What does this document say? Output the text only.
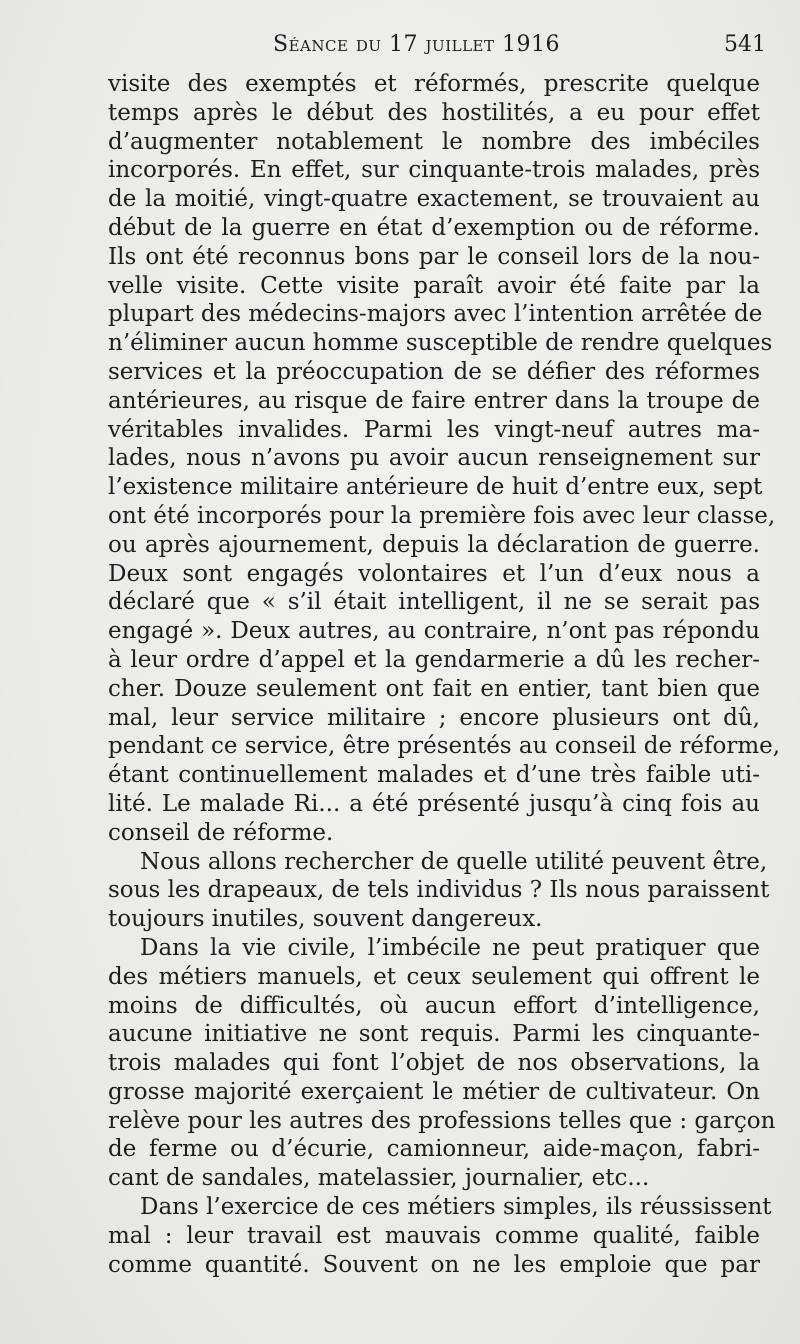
Séance du 17 juillet 1916	541
visite des exemptés et réformés, prescrite quelque
temps après le début des hostilités, a eu pour effet
d’augmenter notablement le nombre des imbéciles
incorporés. En effet, sur cinquante-trois malades, près
de la moitié, vingt-quatre exactement, se trouvaient au
début de la guerre en état d’exemption ou de réforme.
Ils ont été reconnus bons par le conseil lors de la nou-
velle visite. Cette visite paraît avoir été faite par la
plupart des médecins-majors avec l’intention arrêtée de
n’éliminer aucun homme susceptible de rendre quelques
services et la préoccupation de se défier des réformes
antérieures, au risque de faire entrer dans la troupe de
véritables invalides. Parmi les vingt-neuf autres ma-
lades, nous n’avons pu avoir aucun renseignement sur
l’existence militaire antérieure de huit d’entre eux, sept
ont été incorporés pour la première fois avec leur classe,
ou après ajournement, depuis la déclaration de guerre.
Deux sont engagés volontaires et l’un d’eux nous a
déclaré que « s’il était intelligent, il ne se serait pas
engagé ». Deux autres, au contraire, n’ont pas répondu
à leur ordre d’appel et la gendarmerie a dû les recher-
cher. Douze seulement ont fait en entier, tant bien que
mal, leur service militaire ; encore plusieurs ont dû,
pendant ce service, être présentés au conseil de réforme,
étant continuellement malades et d’une très faible uti-
lité. Le malade Ri... a été présenté jusqu’à cinq fois au
conseil de réforme.
Nous allons rechercher de quelle utilité peuvent être,
sous les drapeaux, de tels individus ? Ils nous paraissent
toujours inutiles, souvent dangereux.
Dans la vie civile, l’imbécile ne peut pratiquer que
des métiers manuels, et ceux seulement qui offrent le
moins de difficultés, où aucun effort d’intelligence,
aucune initiative ne sont requis. Parmi les cinquante-
trois malades qui font l’objet de nos observations, la
grosse majorité exerçaient le métier de cultivateur. On
relève pour les autres des professions telles que : garçon
de ferme ou d’écurie, camionneur, aide-maçon, fabri-
cant de sandales, matelassier, journalier, etc...
Dans l’exercice de ces métiers simples, ils réussissent
mal : leur travail est mauvais comme qualité, faible
comme quantité. Souvent on ne les emploie que par
